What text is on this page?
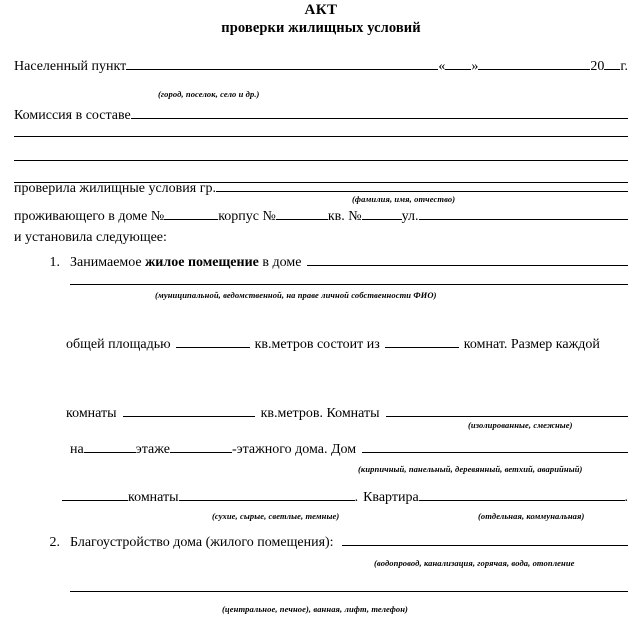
АКТ
проверки жилищных условий
Населенный пункт	« »	20 г.
(город, поселок, село и др.)
Комиссия в составе
проверила жилищные условия гр.
(фамилия, имя, отчество)
проживающего в доме №	корпус №	кв. №	ул.
и установила следующее:
1. Занимаемое жилое помещение в доме
(муниципальной, ведомственной, на праве личной собственности ФИО)
общей площадью	кв.метров состоит из	комнат. Размер каждой
комнаты	кв.метров. Комнаты
(изолированные, смежные)
на	этаже	-этажного дома. Дом
(кирпичный, панельный, деревянный, ветхий, аварийный)
комнаты	. Квартира	.
(сухие, сырые, светлые, темные)	(отдельная, коммунальная)
2. Благоустройство дома (жилого помещения):
(водопровод, канализация, горячая, вода, отопление
(центральное, печное), ванная, лифт, телефон)
